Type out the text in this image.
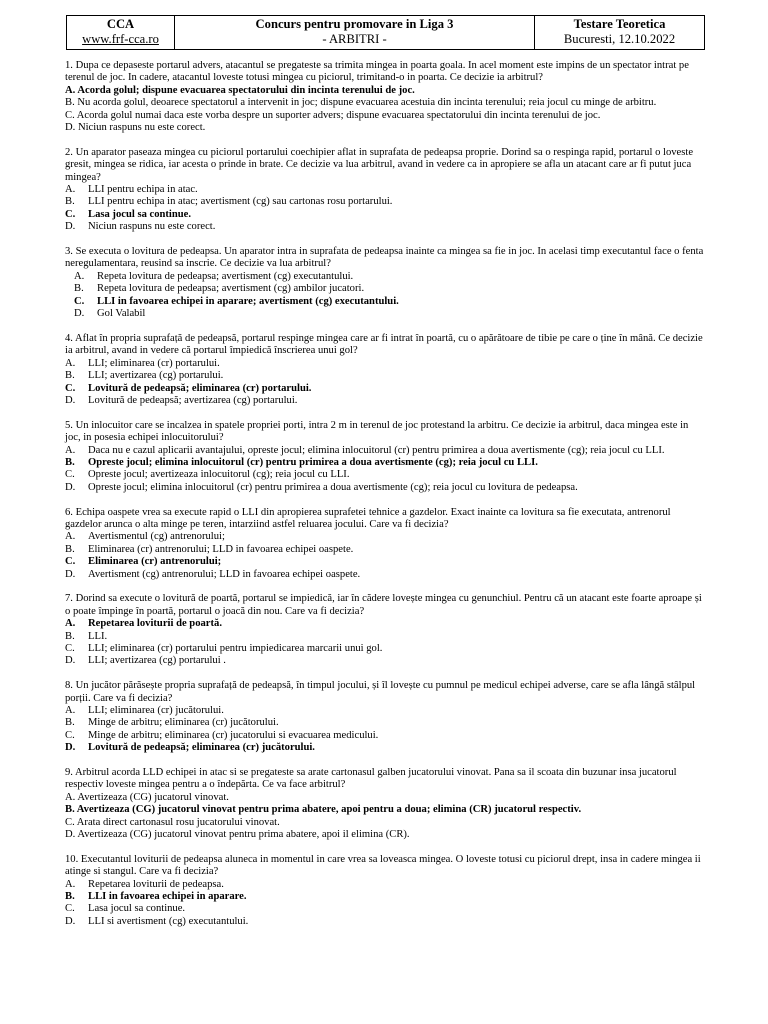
CCA
www.frf-cca.ro

Concurs pentru promovare in Liga 3
- ARBITRI -

Testare Teoretica
Bucuresti, 12.10.2022

1. Dupa ce depaseste portarul advers, atacantul se pregateste sa trimita mingea in poarta goala. In acel moment este impins de un spectator intrat pe terenul de joc. In cadere, atacantul loveste totusi mingea cu piciorul, trimitand-o in poarta. Ce decizie ia arbitrul?

A. Acorda golul; dispune evacuarea spectatorului din incinta terenului de joc.

B. Nu acorda golul, deoarece spectatorul a intervenit in joc; dispune evacuarea acestuia din incinta terenului; reia jocul cu minge de arbitru.

C. Acorda golul numai daca este vorba despre un suporter advers; dispune evacuarea spectatorului din incinta terenului de joc.

D. Niciun raspuns nu este corect.

2. Un aparator paseaza mingea cu piciorul portarului coechipier aflat in suprafata de pedeapsa proprie. Dorind sa o respinga rapid, portarul o loveste gresit, mingea se ridica, iar acesta o prinde in brate. Ce decizie va lua arbitrul, avand in vedere ca in apropiere se afla un atacant care ar fi putut juca mingea?

A. LLI pentru echipa in atac.
B. LLI pentru echipa in atac; avertisment (cg) sau cartonas rosu portarului.
C. Lasa jocul sa continue.
D. Niciun raspuns nu este corect.

3. Se executa o lovitura de pedeapsa. Un aparator intra in suprafata de pedeapsa inainte ca mingea sa fie in joc. In acelasi timp executantul face o fenta neregulamentara, reusind sa inscrie. Ce decizie va lua arbitrul?

A. Repeta lovitura de pedeapsa; avertisment (cg) executantului.
B. Repeta lovitura de pedeapsa; avertisment (cg) ambilor jucatori.
C. LLI in favoarea echipei in aparare; avertisment (cg) executantului.
D. Gol Valabil

4. Aflat în propria suprafață de pedeapsă, portarul respinge mingea care ar fi intrat în poartă, cu o apărătoare de tibie pe care o ține în mână. Ce decizie ia arbitrul, avand in vedere că portarul împiedică înscrierea unui gol?

A. LLI; eliminarea (cr) portarului.
B. LLI; avertizarea (cg) portarului.
C. Lovitură de pedeapsă; eliminarea (cr) portarului.
D. Lovitură de pedeapsă; avertizarea (cg) portarului.

5. Un inlocuitor care se incalzea in spatele propriei porti, intra 2 m in terenul de joc protestand la arbitru. Ce decizie ia arbitrul, daca mingea este in joc, in posesia echipei inlocuitorului?

A. Daca nu e cazul aplicarii avantajului, opreste jocul; elimina inlocuitorul (cr) pentru primirea a doua avertismente (cg); reia jocul cu LLI.
B. Opreste jocul; elimina inlocuitorul (cr) pentru primirea a doua avertismente (cg); reia jocul cu LLI.
C. Opreste jocul; avertizeaza inlocuitorul (cg); reia jocul cu LLI.
D. Opreste jocul; elimina inlocuitorul (cr) pentru primirea a doua avertismente (cg); reia jocul cu lovitura de pedeapsa.

6. Echipa oaspete vrea sa execute rapid o LLI din apropierea suprafetei tehnice a gazdelor. Exact inainte ca lovitura sa fie executata, antrenorul gazdelor arunca o alta minge pe teren, intarziind astfel reluarea jocului. Care va fi decizia?

A. Avertismentul (cg) antrenorului;
B. Eliminarea (cr) antrenorului; LLD in favoarea echipei oaspete.
C. Eliminarea (cr) antrenorului;
D. Avertisment (cg) antrenorului; LLD in favoarea echipei oaspete.

7. Dorind sa execute o lovitură de poartă, portarul se impiedică, iar în cădere lovește mingea cu genunchiul. Pentru că un atacant este foarte aproape și o poate împinge în poartă, portarul o joacă din nou. Care va fi decizia?

A. Repetarea loviturii de poartă.
B. LLI.
C. LLI; eliminarea (cr) portarului pentru impiedicarea marcarii unui gol.
D. LLI; avertizarea (cg) portarului .

8. Un jucător părăsește propria suprafață de pedeapsă, în timpul jocului, și îl lovește cu pumnul pe medicul echipei adverse, care se afla lângă stâlpul porții. Care va fi decizia?

A. LLI; eliminarea (cr) jucătorului.
B. Minge de arbitru; eliminarea (cr) jucătorului.
C. Minge de arbitru; eliminarea (cr) jucatorului si evacuarea medicului.
D. Lovitură de pedeapsă; eliminarea (cr) jucătorului.

9. Arbitrul acorda LLD echipei in atac si se pregateste sa arate cartonasul galben jucatorului vinovat. Pana sa il scoata din buzunar insa jucatorul respectiv loveste mingea pentru a o îndepărta. Ce va face arbitrul?

A. Avertizeaza (CG) jucatorul vinovat.

B. Avertizeaza (CG) jucatorul vinovat pentru prima abatere, apoi pentru a doua; elimina (CR) jucatorul respectiv.

C. Arata direct cartonasul rosu jucatorului vinovat.

D. Avertizeaza (CG) jucatorul vinovat pentru prima abatere, apoi il elimina (CR).

10. Executantul loviturii de pedeapsa aluneca in momentul in care vrea sa loveasca mingea. O loveste totusi cu piciorul drept, insa in cadere mingea ii atinge si stangul. Care va fi decizia?

A. Repetarea loviturii de pedeapsa.
B. LLI in favoarea echipei in aparare.
C. Lasa jocul sa continue.
D. LLI si avertisment (cg) executantului.
